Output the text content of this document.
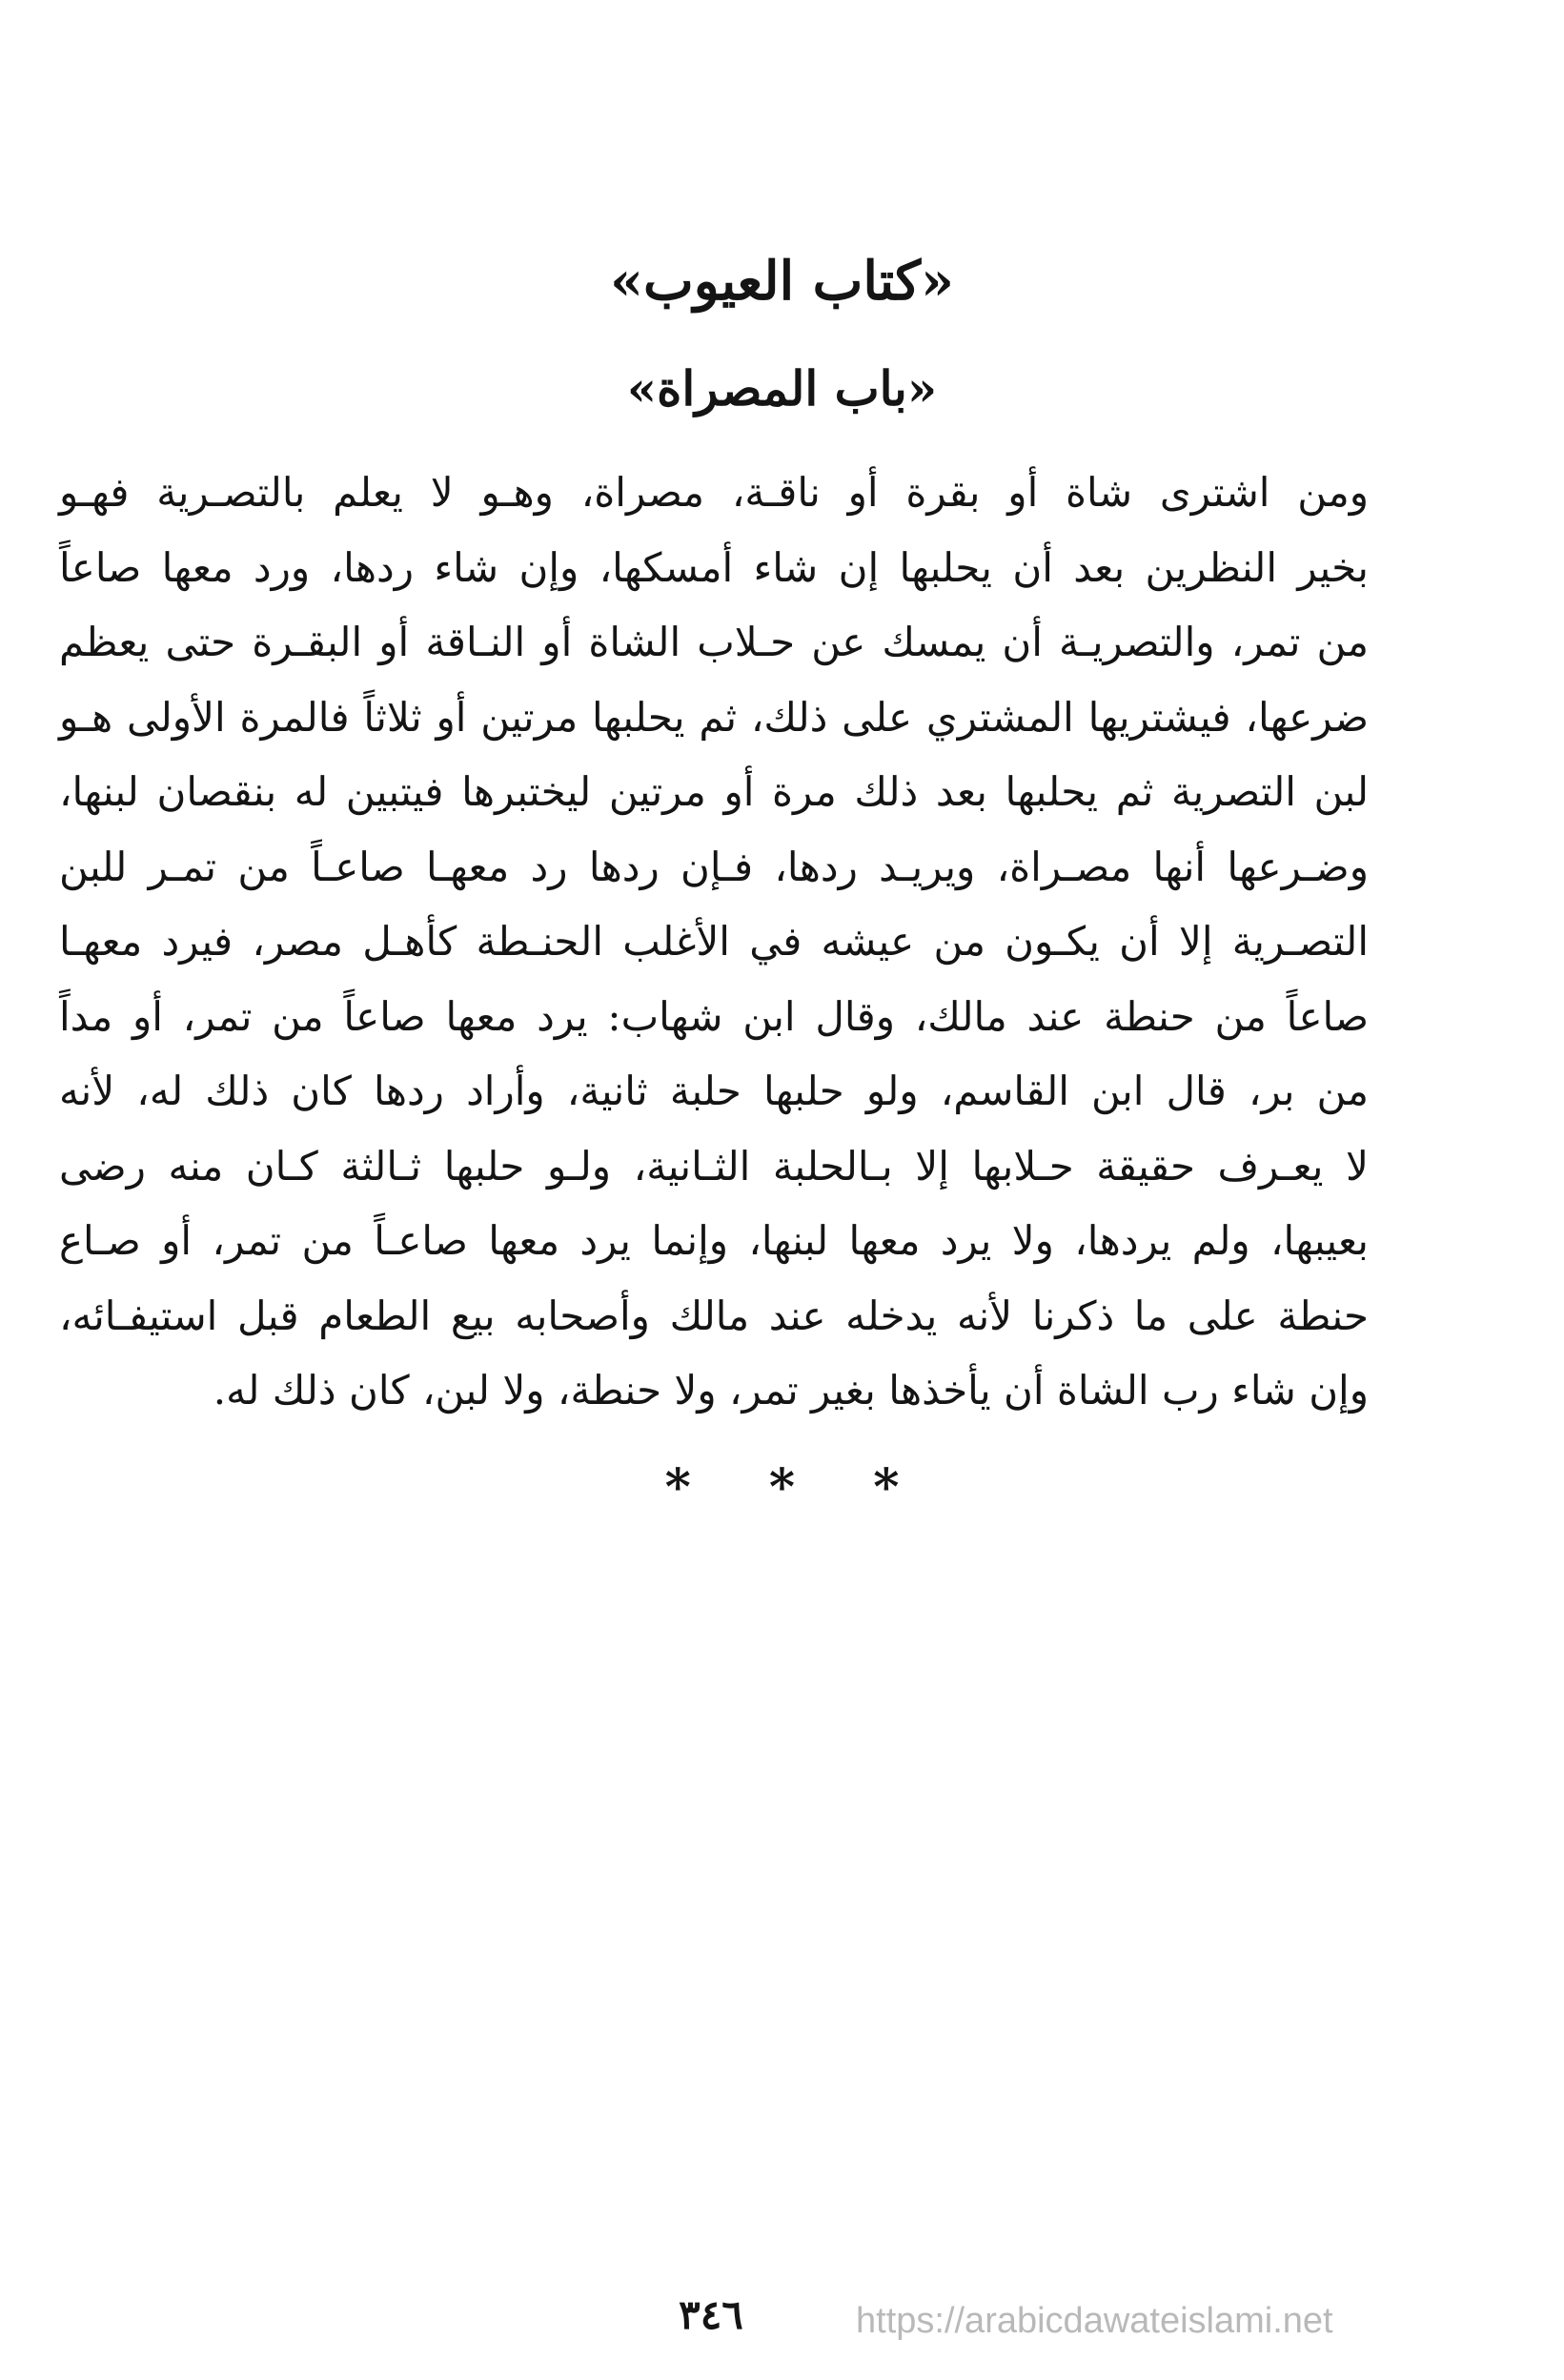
«كتاب العيوب»
«باب المصراة»
ومن اشترى شاة أو بقرة أو ناقـة، مصراة، وهـو لا يعلم بالتصـرية فهـو
بخير النظرين بعد أن يحلبها إن شاء أمسكها، وإن شاء ردها، ورد معها صاعاً
من تمر، والتصريـة أن يمسك عن حـلاب الشاة أو النـاقة أو البقـرة حتى يعظم
ضرعها، فيشتريها المشتري على ذلك، ثم يحلبها مرتين أو ثلاثاً فالمرة الأولى هـو
لبن التصرية ثم يحلبها بعد ذلك مرة أو مرتين ليختبرها فيتبين له بنقصان لبنها،
وضـرعها أنها مصـراة، ويريـد ردها، فـإن ردها رد معهـا صاعـاً من تمـر للبن
التصـرية إلا أن يكـون من عيشه في الأغلب الحنـطة كأهـل مصر، فيرد معهـا
صاعاً من حنطة عند مالك، وقال ابن شهاب: يرد معها صاعاً من تمر، أو مداً
من بر، قال ابن القاسم، ولو حلبها حلبة ثانية، وأراد ردها كان ذلك له، لأنه
لا يعـرف حقيقة حـلابها إلا بـالحلبة الثـانية، ولـو حلبها ثـالثة كـان منه رضى
بعيبها، ولم يردها، ولا يرد معها لبنها، وإنما يرد معها صاعـاً من تمر، أو صـاع
حنطة على ما ذكرنا لأنه يدخله عند مالك وأصحابه بيع الطعام قبل استيفـائه،
وإن شاء رب الشاة أن يأخذها بغير تمر، ولا حنطة، ولا لبن، كان ذلك له.
* * *
٣٤٦	https://arabicdawateislami.net
